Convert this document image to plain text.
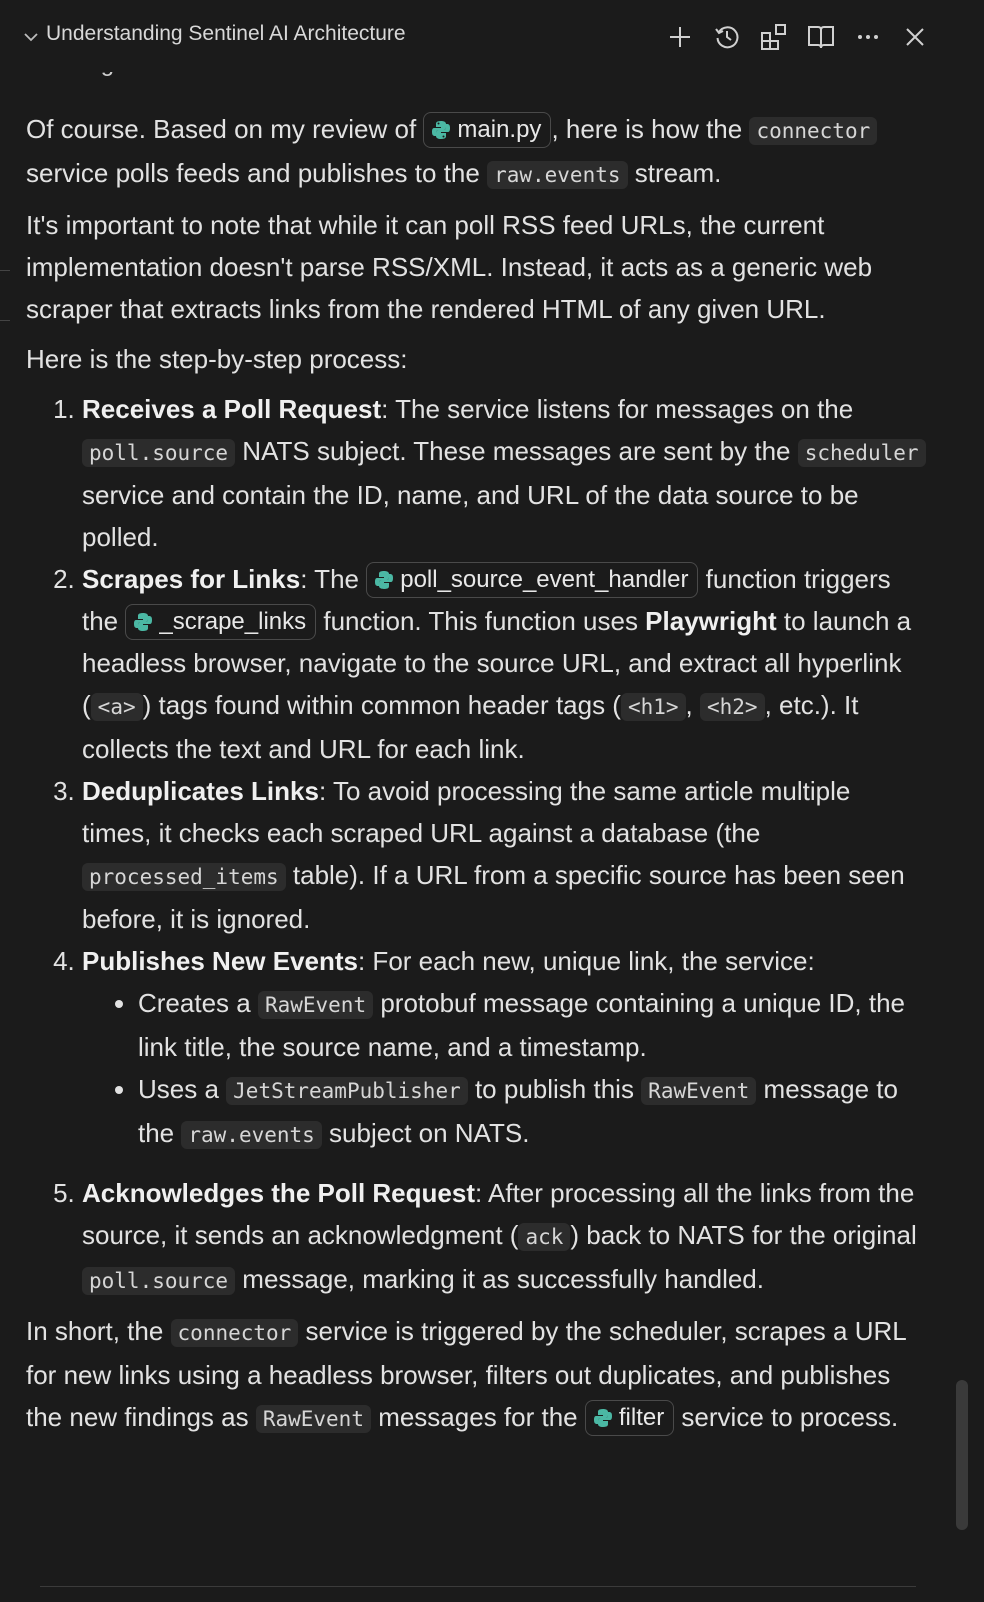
Understanding Sentinel AI Architecture

Of course. Based on my review of main.py , here is how the connector service polls feeds and publishes to the raw.events stream.

It's important to note that while it can poll RSS feed URLs, the current implementation doesn't parse RSS/XML. Instead, it acts as a generic web scraper that extracts links from the rendered HTML of any given URL.

Here is the step-by-step process:

1. Receives a Poll Request: The service listens for messages on the poll.source NATS subject. These messages are sent by the scheduler service and contain the ID, name, and URL of the data source to be polled.
2. Scrapes for Links: The poll_source_event_handler function triggers the _scrape_links function. This function uses Playwright to launch a headless browser, navigate to the source URL, and extract all hyperlink ( <a> ) tags found within common header tags ( <h1> , <h2> , etc.). It collects the text and URL for each link.
3. Deduplicates Links: To avoid processing the same article multiple times, it checks each scraped URL against a database (the processed_items table). If a URL from a specific source has been seen before, it is ignored.
4. Publishes New Events: For each new, unique link, the service:
• Creates a RawEvent protobuf message containing a unique ID, the link title, the source name, and a timestamp.
• Uses a JetStreamPublisher to publish this RawEvent message to the raw.events subject on NATS.
5. Acknowledges the Poll Request: After processing all the links from the source, it sends an acknowledgment ( ack ) back to NATS for the original poll.source message, marking it as successfully handled.

In short, the connector service is triggered by the scheduler, scrapes a URL for new links using a headless browser, filters out duplicates, and publishes the new findings as RawEvent messages for the filter service to process.
